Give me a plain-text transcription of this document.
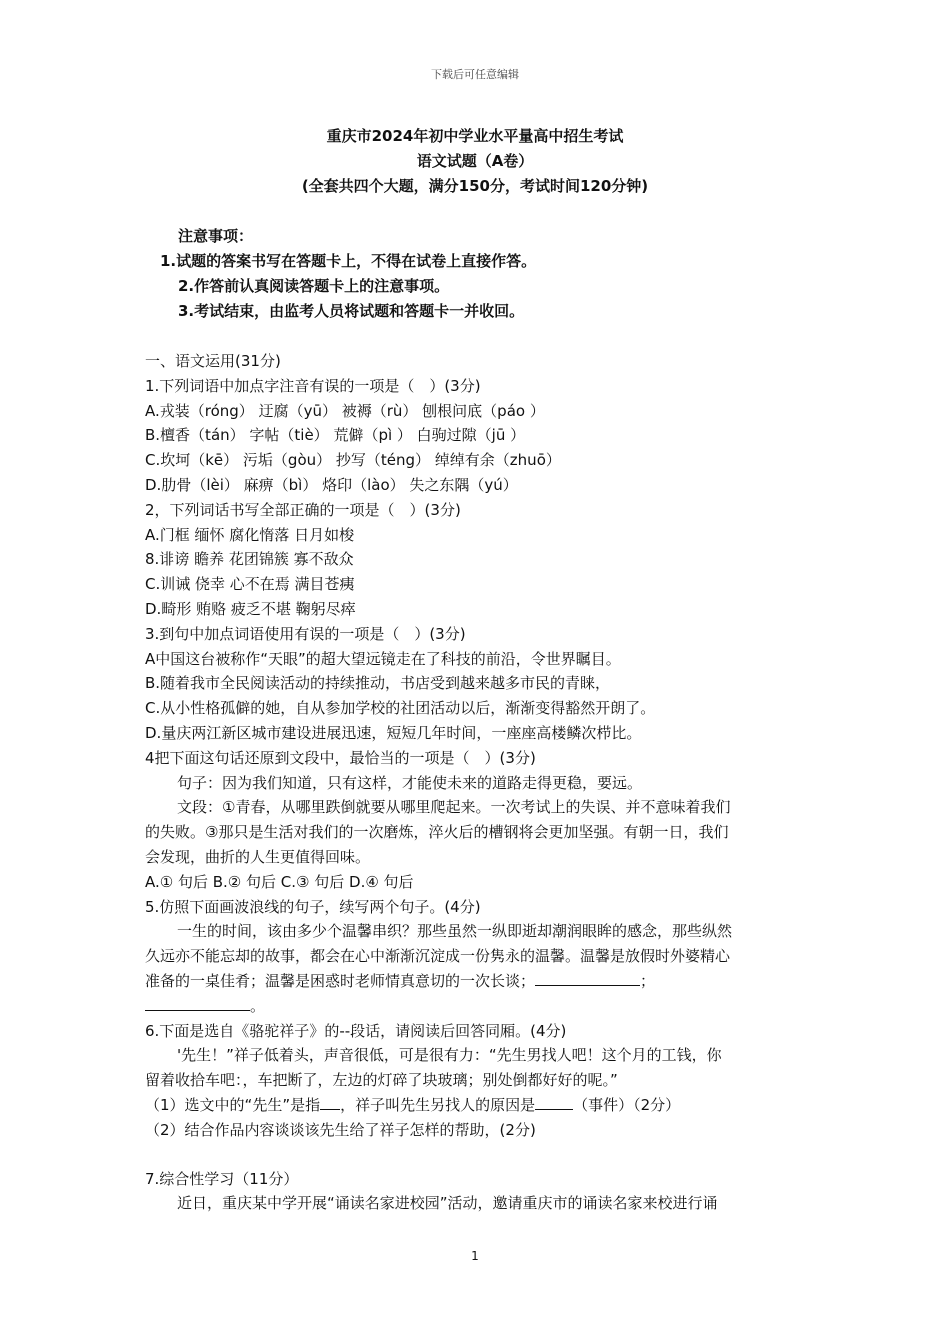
下载后可任意编辑
重庆市2024年初中学业水平量高中招生考试
语文试题（A卷）
(全套共四个大题，满分150分，考试时间120分钟)
注意事项：
1.试题的答案书写在答题卡上，不得在试卷上直接作答。
2.作答前认真阅读答题卡上的注意事项。
3.考试结束，由监考人员将试题和答题卡一并收回。
一、语文运用(31分)
1.下列词语中加点字注音有误的一项是（　）(3分)
A.戎装（róng） 迂腐（yū） 被褥（rù） 刨根问底（páo ）
B.檀香（tán） 字帖（tiè） 荒僻（pì ） 白驹过隙（jū ）
C.坎坷（kē） 污垢（gòu） 抄写（téng） 绰绰有余（zhuō）
D.肋骨（lèi） 麻痹（bì） 烙印（lào） 失之东隅（yú）
2，下列词话书写全部正确的一项是（　）(3分)
A.门框 缅怀 腐化惰落 日月如梭
8.诽谤 瞻养 花团锦簇 寡不敌众
C.训诫 侥幸 心不在焉 满目苍痍
D.畸形 贿赂 疲乏不堪 鞠躬尽瘁
3.到句中加点词语使用有误的一项是（　）(3分)
A中国这台被称作“天眼”的超大望远镜走在了科技的前沿，令世界瞩目。
B.随着我市全民阅读活动的持续推动，书店受到越来越多市民的青睐，
C.从小性格孤僻的她，自从参加学校的社团活动以后，渐渐变得豁然开朗了。
D.量庆两江新区城市建设进展迅速，短短几年时间，一座座高楼鳞次栉比。
4把下面这句话还原到文段中，最恰当的一项是（　）(3分)
句子：因为我们知道，只有这样，才能使未来的道路走得更稳，要远。
文段：①青春，从哪里跌倒就要从哪里爬起来。一次考试上的失误、并不意味着我们
的失败。③那只是生活对我们的一次磨炼，淬火后的槽钢将会更加坚强。有朝一日，我们
会发现，曲折的人生更值得回味。
A.① 句后 B.② 句后 C.③ 句后 D.④ 句后
5.仿照下面画波浪线的句子，续写两个句子。(4分)
一生的时间，该由多少个温馨串织？那些虽然一纵即逝却潮润眼眸的感念，那些纵然
久远亦不能忘却的故事，都会在心中渐渐沉淀成一份隽永的温馨。温馨是放假时外婆精心
准备的一桌佳肴；温馨是困惑时老师情真意切的一次长谈；	；
。
6.下面是选自《骆驼祥子》的--段话，请阅读后回答同厢。(4分)
'先生！”祥子低着头，声音很低，可是很有力：“先生男找人吧！这个月的工钱，你
留着收拾车吧：，车把断了，左边的灯碎了块玻璃；别处倒都好好的呢。”
（1）选文中的“先生”是指 ，祥子叫先生另找人的原因是	（事件）（2分）
（2）结合作品内容谈谈该先生给了祥子怎样的帮助，(2分)
7.综合性学习（11分）
近日，重庆某中学开展“诵读名家进校园”活动，邀请重庆市的诵读名家来校进行诵
1
